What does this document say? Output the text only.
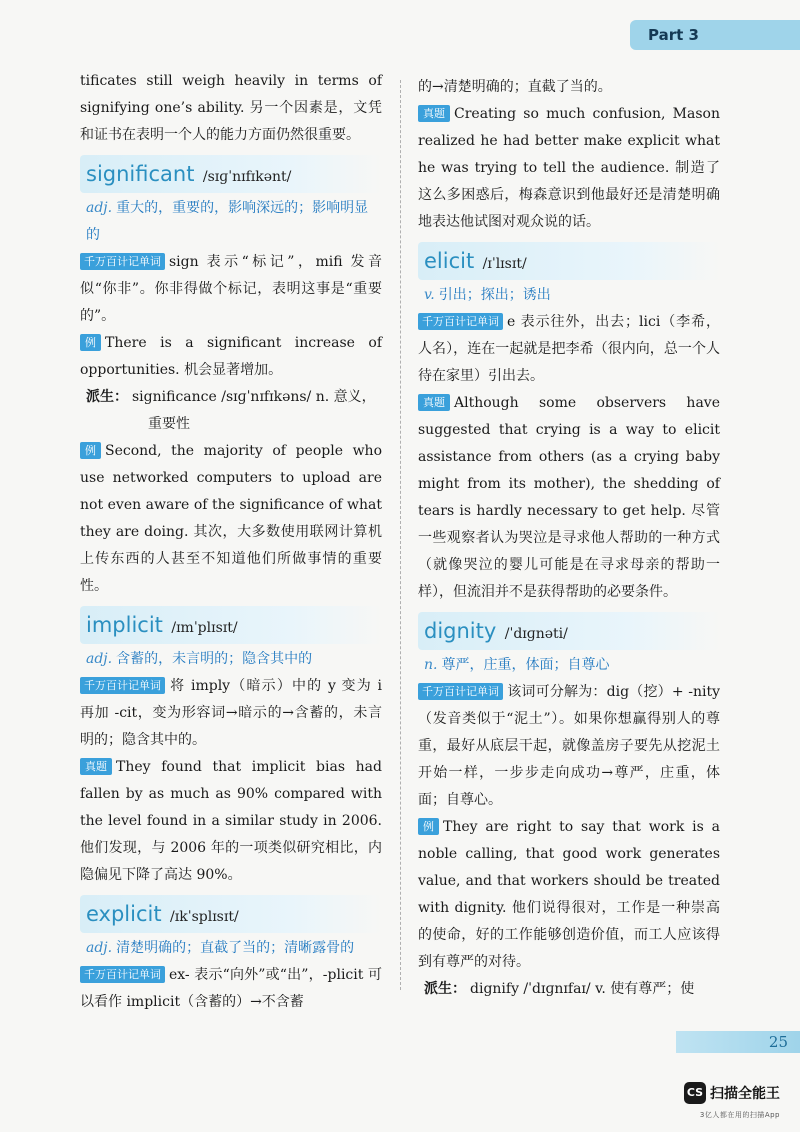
Part 3

tificates still weigh heavily in terms of signifying one’s ability. 另一个因素是，文凭和证书在表明一个人的能力方面仍然很重要。

significant /sɪɡˈnɪfɪkənt/
adj. 重大的，重要的，影响深远的；影响明显的

千万百计记单词 sign 表示“标记”，mifi 发音似“你非”。你非得做个标记，表明这事是“重要的”。

例 There is a significant increase of opportunities. 机会显著增加。

派生： significance /sɪɡˈnɪfɪkəns/ n. 意义，
重要性

例 Second, the majority of people who use networked computers to upload are not even aware of the significance of what they are doing. 其次，大多数使用联网计算机上传东西的人甚至不知道他们所做事情的重要性。

implicit /ɪmˈplɪsɪt/
adj. 含蓄的，未言明的；隐含其中的

千万百计记单词 将 imply（暗示）中的 y 变为 i 再加 -cit，变为形容词→暗示的→含蓄的，未言明的；隐含其中的。

真题 They found that implicit bias had fallen by as much as 90% compared with the level found in a similar study in 2006. 他们发现，与 2006 年的一项类似研究相比，内隐偏见下降了高达 90%。

explicit /ɪkˈsplɪsɪt/
adj. 清楚明确的；直截了当的；清晰露骨的

千万百计记单词 ex- 表示“向外”或“出”，-plicit 可以看作 implicit（含蓄的）→不含蓄

的→清楚明确的；直截了当的。

真题 Creating so much confusion, Mason realized he had better make explicit what he was trying to tell the audience. 制造了这么多困惑后，梅森意识到他最好还是清楚明确地表达他试图对观众说的话。

elicit /ɪˈlɪsɪt/
v. 引出；探出；诱出

千万百计记单词 e 表示往外，出去；lici（李希，人名），连在一起就是把李希（很内向，总一个人待在家里）引出去。

真题 Although some observers have suggested that crying is a way to elicit assistance from others (as a crying baby might from its mother), the shedding of tears is hardly necessary to get help. 尽管一些观察者认为哭泣是寻求他人帮助的一种方式（就像哭泣的婴儿可能是在寻求母亲的帮助一样），但流泪并不是获得帮助的必要条件。

dignity /ˈdɪɡnəti/
n. 尊严，庄重，体面；自尊心

千万百计记单词 该词可分解为：dig（挖）+ -nity（发音类似于“泥土”）。如果你想赢得别人的尊重，最好从底层干起，就像盖房子要先从挖泥土开始一样，一步步走向成功→尊严，庄重，体面；自尊心。

例 They are right to say that work is a noble calling, that good work generates value, and that workers should be treated with dignity. 他们说得很对，工作是一种崇高的使命，好的工作能够创造价值，而工人应该得到有尊严的对待。

派生： dignify /ˈdɪɡnɪfaɪ/ v. 使有尊严；使

25
CS 扫描全能王
3亿人都在用的扫描App
